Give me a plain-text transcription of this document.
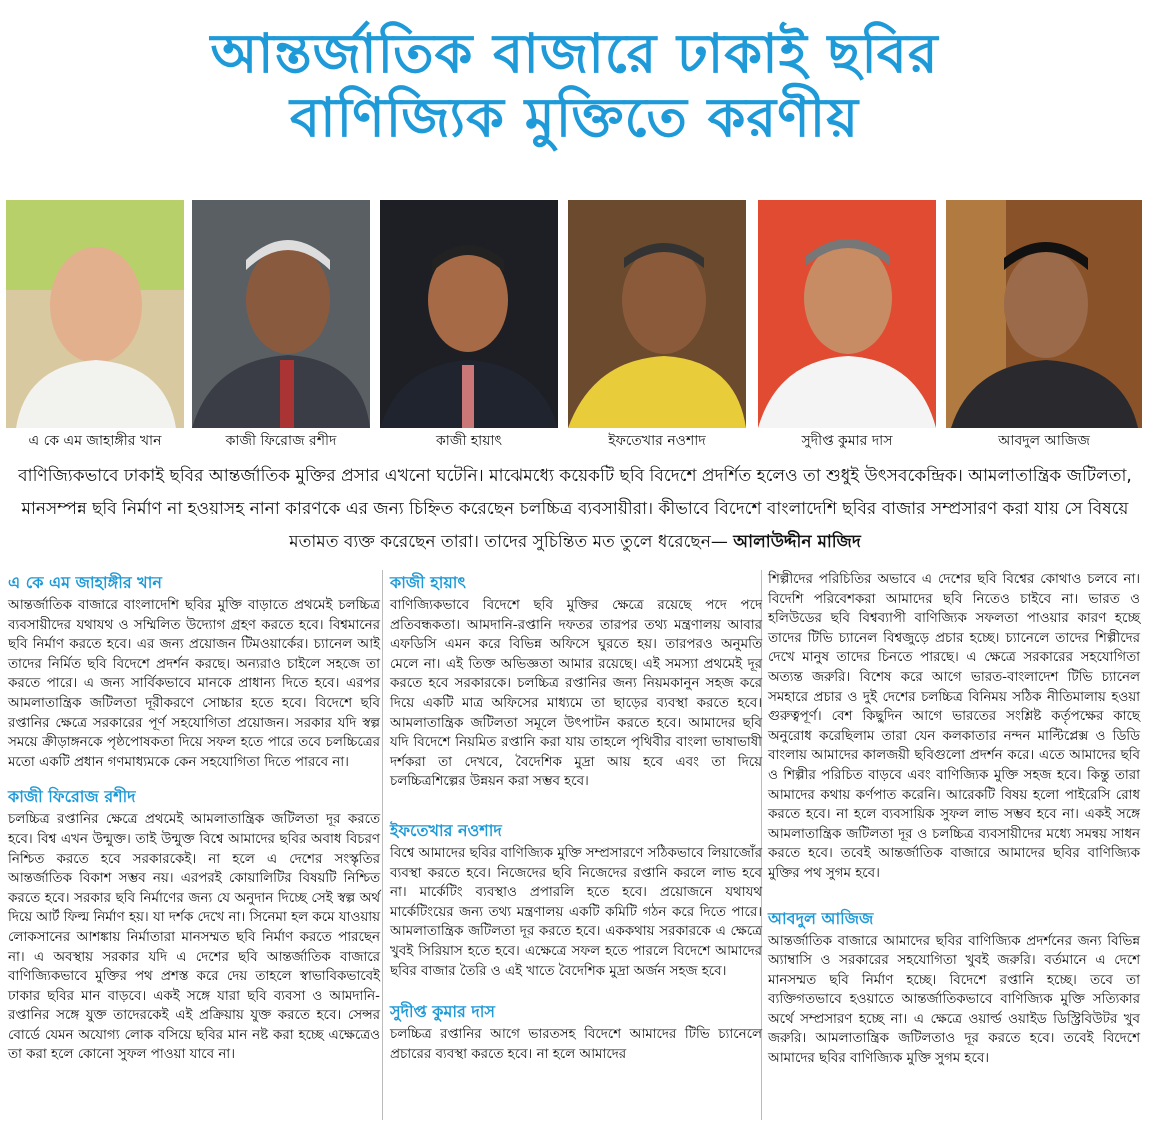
আন্তর্জাতিক বাজারে ঢাকাই ছবির
বাণিজ্যিক মুক্তিতে করণীয়
এ কে এম জাহাঙ্গীর খান	কাজী ফিরোজ রশীদ	কাজী হায়াৎ	ইফতেখার নওশাদ	সুদীপ্ত কুমার দাস	আবদুল আজিজ
বাণিজ্যিকভাবে ঢাকাই ছবির আন্তর্জাতিক মুক্তির প্রসার এখনো ঘটেনি। মাঝেমধ্যে কয়েকটি ছবি বিদেশে প্রদর্শিত হলেও তা শুধুই উৎসবকেন্দ্রিক। আমলাতান্ত্রিক জটিলতা, মানসম্পন্ন ছবি নির্মাণ না হওয়াসহ নানা কারণকে এর জন্য চিহ্নিত করেছেন চলচ্চিত্র ব্যবসায়ীরা। কীভাবে বিদেশে বাংলাদেশি ছবির বাজার সম্প্রসারণ করা যায় সে বিষয়ে মতামত ব্যক্ত করেছেন তারা। তাদের সুচিন্তিত মত তুলে ধরেছেন— আলাউদ্দীন মাজিদ
এ কে এম জাহাঙ্গীর খান

আন্তর্জাতিক বাজারে বাংলাদেশি ছবির মুক্তি বাড়াতে প্রথমেই চলচ্চিত্র ব্যবসায়ীদের যথাযথ ও সম্মিলিত উদ্যোগ গ্রহণ করতে হবে। বিশ্বমানের ছবি নির্মাণ করতে হবে। এর জন্য প্রয়োজন টিমওয়ার্কের। চ্যানেল আই তাদের নির্মিত ছবি বিদেশে প্রদর্শন করছে। অন্যরাও চাইলে সহজে তা করতে পারে। এ জন্য সার্বিকভাবে মানকে প্রাধান্য দিতে হবে। এরপর আমলাতান্ত্রিক জটিলতা দূরীকরণে সোচ্চার হতে হবে। বিদেশে ছবি রপ্তানির ক্ষেত্রে সরকারের পূর্ণ সহযোগিতা প্রয়োজন। সরকার যদি স্বল্প সময়ে ক্রীড়াঙ্গনকে পৃষ্ঠপোষকতা দিয়ে সফল হতে পারে তবে চলচ্চিত্রের মতো একটি প্রধান গণমাধ্যমকে কেন সহযোগিতা দিতে পারবে না।

কাজী ফিরোজ রশীদ

চলচ্চিত্র রপ্তানির ক্ষেত্রে প্রথমেই আমলাতান্ত্রিক জটিলতা দূর করতে হবে। বিশ্ব এখন উন্মুক্ত। তাই উন্মুক্ত বিশ্বে আমাদের ছবির অবাধ বিচরণ নিশ্চিত করতে হবে সরকারকেই। না হলে এ দেশের সংস্কৃতির আন্তর্জাতিক বিকাশ সম্ভব নয়। এরপরই কোয়ালিটির বিষয়টি নিশ্চিত করতে হবে। সরকার ছবি নির্মাণের জন্য যে অনুদান দিচ্ছে সেই স্বল্প অর্থ দিয়ে আর্ট ফিল্ম নির্মাণ হয়। যা দর্শক দেখে না। সিনেমা হল কমে যাওয়ায় লোকসানের আশঙ্কায় নির্মাতারা মানসম্মত ছবি নির্মাণ করতে পারছেন না। এ অবস্থায় সরকার যদি এ দেশের ছবি আন্তর্জাতিক বাজারে বাণিজ্যিকভাবে মুক্তির পথ প্রশস্ত করে দেয় তাহলে স্বাভাবিকভাবেই ঢাকার ছবির মান বাড়বে। একই সঙ্গে যারা ছবি ব্যবসা ও আমদানি-রপ্তানির সঙ্গে যুক্ত তাদেরকেই এই প্রক্রিয়ায় যুক্ত করতে হবে। সেন্সর বোর্ডে যেমন অযোগ্য লোক বসিয়ে ছবির মান নষ্ট করা হচ্ছে এক্ষেত্রেও তা করা হলে কোনো সুফল পাওয়া যাবে না।

কাজী হায়াৎ

বাণিজ্যিকভাবে বিদেশে ছবি মুক্তির ক্ষেত্রে রয়েছে পদে পদে প্রতিবন্ধকতা। আমদানি-রপ্তানি দফতর তারপর তথ্য মন্ত্রণালয় আবার এফডিসি এমন করে বিভিন্ন অফিসে ঘুরতে হয়। তারপরও অনুমতি মেলে না। এই তিক্ত অভিজ্ঞতা আমার রয়েছে। এই সমস্যা প্রথমেই দূর করতে হবে সরকারকে। চলচ্চিত্র রপ্তানির জন্য নিয়মকানুন সহজ করে দিয়ে একটি মাত্র অফিসের মাধ্যমে তা ছাড়ের ব্যবস্থা করতে হবে। আমলাতান্ত্রিক জটিলতা সমূলে উৎপাটন করতে হবে। আমাদের ছবি যদি বিদেশে নিয়মিত রপ্তানি করা যায় তাহলে পৃথিবীর বাংলা ভাষাভাষী দর্শকরা তা দেখবে, বৈদেশিক মুদ্রা আয় হবে এবং তা দিয়ে চলচ্চিত্রশিল্পের উন্নয়ন করা সম্ভব হবে।

ইফতেখার নওশাদ

বিশ্বে আমাদের ছবির বাণিজ্যিক মুক্তি সম্প্রসারণে সঠিকভাবে লিয়াজোঁর ব্যবস্থা করতে হবে। নিজেদের ছবি নিজেদের রপ্তানি করলে লাভ হবে না। মার্কেটিং ব্যবস্থাও প্রপারলি হতে হবে। প্রয়োজনে যথাযথ মার্কেটিংয়ের জন্য তথ্য মন্ত্রণালয় একটি কমিটি গঠন করে দিতে পারে। আমলাতান্ত্রিক জটিলতা দূর করতে হবে। এককথায় সরকারকে এ ক্ষেত্রে খুবই সিরিয়াস হতে হবে। এক্ষেত্রে সফল হতে পারলে বিদেশে আমাদের ছবির বাজার তৈরি ও এই খাতে বৈদেশিক মুদ্রা অর্জন সহজ হবে।

সুদীপ্ত কুমার দাস

চলচ্চিত্র রপ্তানির আগে ভারতসহ বিদেশে আমাদের টিভি চ্যানেলে প্রচারের ব্যবস্থা করতে হবে। না হলে আমাদের

শিল্পীদের পরিচিতির অভাবে এ দেশের ছবি বিশ্বের কোথাও চলবে না। বিদেশি পরিবেশকরা আমাদের ছবি নিতেও চাইবে না। ভারত ও হলিউডের ছবি বিশ্বব্যাপী বাণিজ্যিক সফলতা পাওয়ার কারণ হচ্ছে তাদের টিভি চ্যানেল বিশ্বজুড়ে প্রচার হচ্ছে। চ্যানেলে তাদের শিল্পীদের দেখে মানুষ তাদের চিনতে পারছে। এ ক্ষেত্রে সরকারের সহযোগিতা অত্যন্ত জরুরি। বিশেষ করে আগে ভারত-বাংলাদেশ টিভি চ্যানেল সমহারে প্রচার ও দুই দেশের চলচ্চিত্র বিনিময় সঠিক নীতিমালায় হওয়া গুরুত্বপূর্ণ। বেশ কিছুদিন আগে ভারতের সংশ্লিষ্ট কর্তৃপক্ষের কাছে অনুরোধ করেছিলাম তারা যেন কলকাতার নন্দন মাল্টিপ্লেক্স ও ডিডি বাংলায় আমাদের কালজয়ী ছবিগুলো প্রদর্শন করে। এতে আমাদের ছবি ও শিল্পীর পরিচিত বাড়বে এবং বাণিজ্যিক মুক্তি সহজ হবে। কিন্তু তারা আমাদের কথায় কর্ণপাত করেনি। আরেকটি বিষয় হলো পাইরেসি রোধ করতে হবে। না হলে ব্যবসায়িক সুফল লাভ সম্ভব হবে না। একই সঙ্গে আমলাতান্ত্রিক জটিলতা দূর ও চলচ্চিত্র ব্যবসায়ীদের মধ্যে সমন্বয় সাধন করতে হবে। তবেই আন্তর্জাতিক বাজারে আমাদের ছবির বাণিজ্যিক মুক্তির পথ সুগম হবে।

আবদুল আজিজ

আন্তর্জাতিক বাজারে আমাদের ছবির বাণিজ্যিক প্রদর্শনের জন্য বিভিন্ন অ্যাম্বাসি ও সরকারের সহযোগিতা খুবই জরুরি। বর্তমানে এ দেশে মানসম্মত ছবি নির্মাণ হচ্ছে। বিদেশে রপ্তানি হচ্ছে। তবে তা ব্যক্তিগতভাবে হওয়াতে আন্তর্জাতিকভাবে বাণিজ্যিক মুক্তি সত্যিকার অর্থে সম্প্রসারণ হচ্ছে না। এ ক্ষেত্রে ওয়ার্ল্ড ওয়াইড ডিস্ট্রিবিউটর খুব জরুরি। আমলাতান্ত্রিক জটিলতাও দূর করতে হবে। তবেই বিদেশে আমাদের ছবির বাণিজ্যিক মুক্তি সুগম হবে।
